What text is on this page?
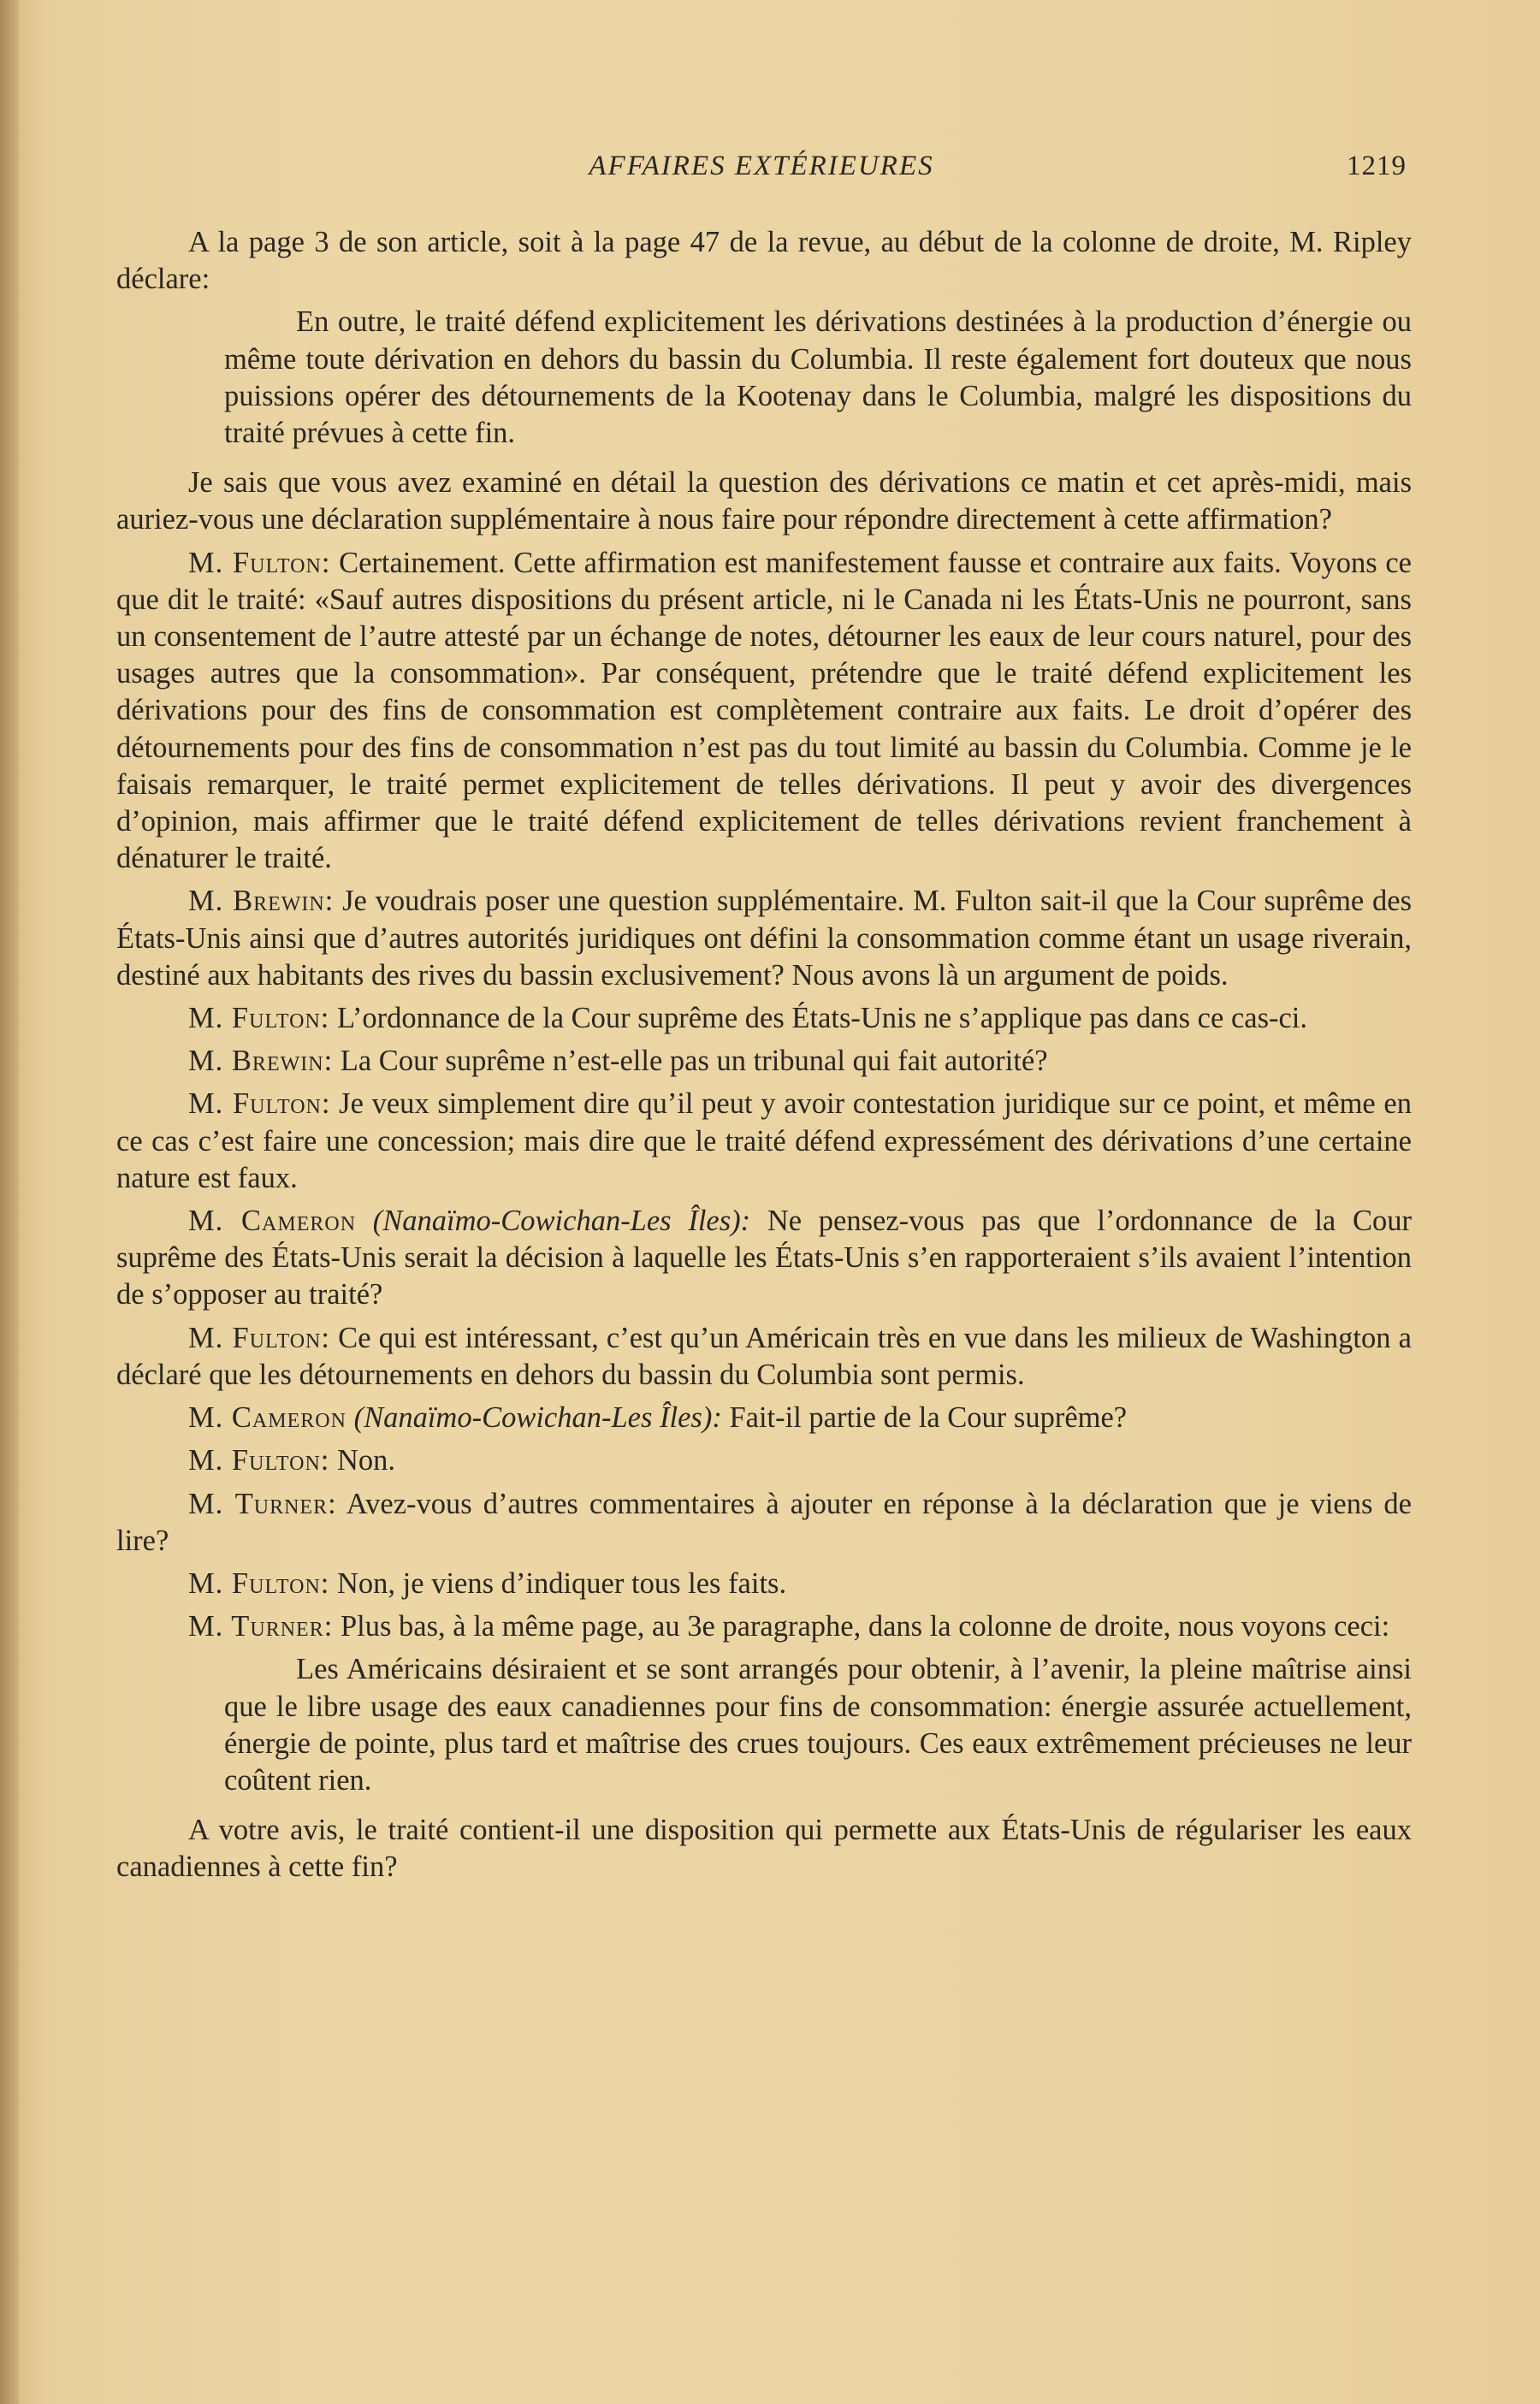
AFFAIRES EXTÉRIEURES	1219

A la page 3 de son article, soit à la page 47 de la revue, au début de la colonne de droite, M. Ripley déclare:

En outre, le traité défend explicitement les dérivations destinées à la production d’énergie ou même toute dérivation en dehors du bassin du Columbia. Il reste également fort douteux que nous puissions opérer des détournements de la Kootenay dans le Columbia, malgré les dispositions du traité prévues à cette fin.

Je sais que vous avez examiné en détail la question des dérivations ce matin et cet après-midi, mais auriez-vous une déclaration supplémentaire à nous faire pour répondre directement à cette affirmation?

M. Fulton: Certainement. Cette affirmation est manifestement fausse et contraire aux faits. Voyons ce que dit le traité: «Sauf autres dispositions du présent article, ni le Canada ni les États-Unis ne pourront, sans un consentement de l’autre attesté par un échange de notes, détourner les eaux de leur cours naturel, pour des usages autres que la consommation». Par conséquent, prétendre que le traité défend explicitement les dérivations pour des fins de consommation est complètement contraire aux faits. Le droit d’opérer des détournements pour des fins de consommation n’est pas du tout limité au bassin du Columbia. Comme je le faisais remarquer, le traité permet explicitement de telles dérivations. Il peut y avoir des divergences d’opinion, mais affirmer que le traité défend explicitement de telles dérivations revient franchement à dénaturer le traité.

M. Brewin: Je voudrais poser une question supplémentaire. M. Fulton sait-il que la Cour suprême des États-Unis ainsi que d’autres autorités juridiques ont défini la consommation comme étant un usage riverain, destiné aux habitants des rives du bassin exclusivement? Nous avons là un argument de poids.

M. Fulton: L’ordonnance de la Cour suprême des États-Unis ne s’applique pas dans ce cas-ci.

M. Brewin: La Cour suprême n’est-elle pas un tribunal qui fait autorité?

M. Fulton: Je veux simplement dire qu’il peut y avoir contestation juridique sur ce point, et même en ce cas c’est faire une concession; mais dire que le traité défend expressément des dérivations d’une certaine nature est faux.

M. Cameron (Nanaïmo-Cowichan-Les Îles): Ne pensez-vous pas que l’ordonnance de la Cour suprême des États-Unis serait la décision à laquelle les États-Unis s’en rapporteraient s’ils avaient l’intention de s’opposer au traité?

M. Fulton: Ce qui est intéressant, c’est qu’un Américain très en vue dans les milieux de Washington a déclaré que les détournements en dehors du bassin du Columbia sont permis.

M. Cameron (Nanaïmo-Cowichan-Les Îles): Fait-il partie de la Cour suprême?

M. Fulton: Non.

M. Turner: Avez-vous d’autres commentaires à ajouter en réponse à la déclaration que je viens de lire?

M. Fulton: Non, je viens d’indiquer tous les faits.

M. Turner: Plus bas, à la même page, au 3e paragraphe, dans la colonne de droite, nous voyons ceci:

Les Américains désiraient et se sont arrangés pour obtenir, à l’avenir, la pleine maîtrise ainsi que le libre usage des eaux canadiennes pour fins de consommation: énergie assurée actuellement, énergie de pointe, plus tard et maîtrise des crues toujours. Ces eaux extrêmement précieuses ne leur coûtent rien.

A votre avis, le traité contient-il une disposition qui permette aux États-Unis de régulariser les eaux canadiennes à cette fin?
